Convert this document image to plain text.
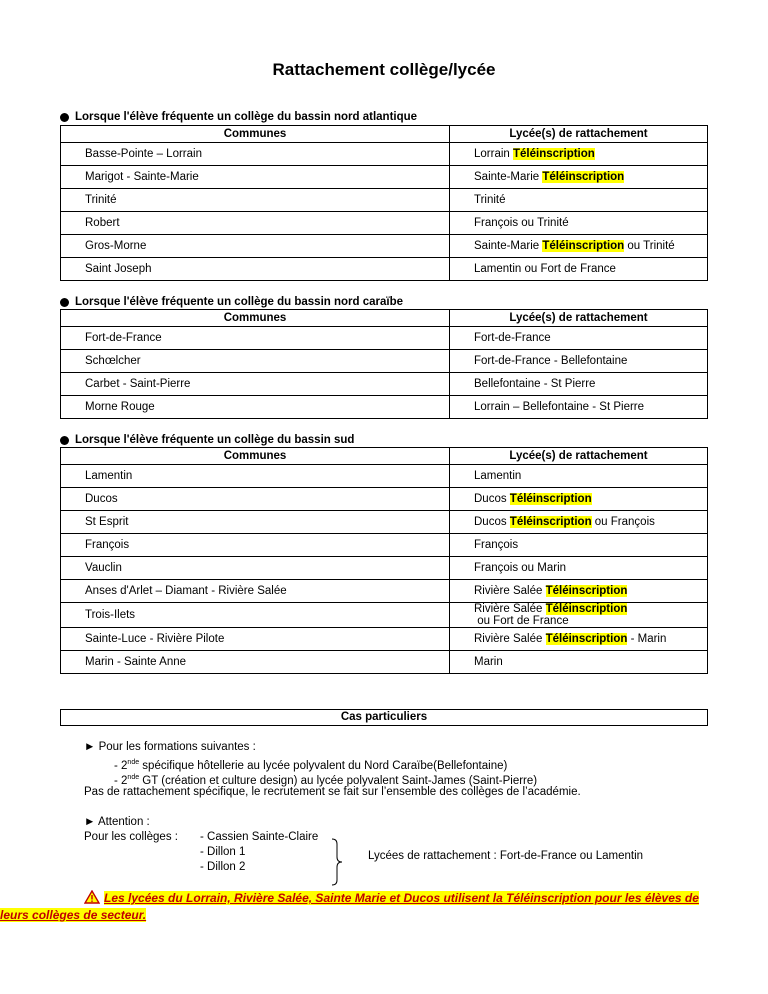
Rattachement collège/lycée
Lorsque l'élève fréquente un collège du bassin nord atlantique
Communes	Lycée(s) de rattachement
Basse-Pointe – Lorrain	Lorrain Téléinscription
Marigot - Sainte-Marie	Sainte-Marie Téléinscription
Trinité	Trinité
Robert	François ou Trinité
Gros-Morne	Sainte-Marie Téléinscription ou Trinité
Saint Joseph	Lamentin ou Fort de France
Lorsque l'élève fréquente un collège du bassin nord caraïbe
Communes	Lycée(s) de rattachement
Fort-de-France	Fort-de-France
Schœlcher	Fort-de-France - Bellefontaine
Carbet - Saint-Pierre	Bellefontaine - St Pierre
Morne Rouge	Lorrain – Bellefontaine - St Pierre
Lorsque l'élève fréquente un collège du bassin sud
Communes	Lycée(s) de rattachement
Lamentin	Lamentin
Ducos	Ducos Téléinscription
St Esprit	Ducos Téléinscription ou François
François	François
Vauclin	François ou Marin
Anses d'Arlet – Diamant - Rivière Salée	Rivière Salée Téléinscription
Trois-Ilets	Rivière Salée Téléinscription ou Fort de France
Sainte-Luce - Rivière Pilote	Rivière Salée Téléinscription - Marin
Marin - Sainte Anne	Marin
Cas particuliers
► Pour les formations suivantes :
- 2nde spécifique hôtellerie au lycée polyvalent du Nord Caraïbe(Bellefontaine)
- 2nde GT (création et culture design) au lycée polyvalent Saint-James (Saint-Pierre)
Pas de rattachement spécifique, le recrutement se fait sur l’ensemble des collèges de l’académie.
► Attention :
Pour les collèges : - Cassien Sainte-Claire
- Dillon 1
- Dillon 2
Lycées de rattachement : Fort-de-France ou Lamentin
Les lycées du Lorrain, Rivière Salée, Sainte Marie et Ducos utilisent la Téléinscription pour les élèves de
leurs collèges de secteur.
